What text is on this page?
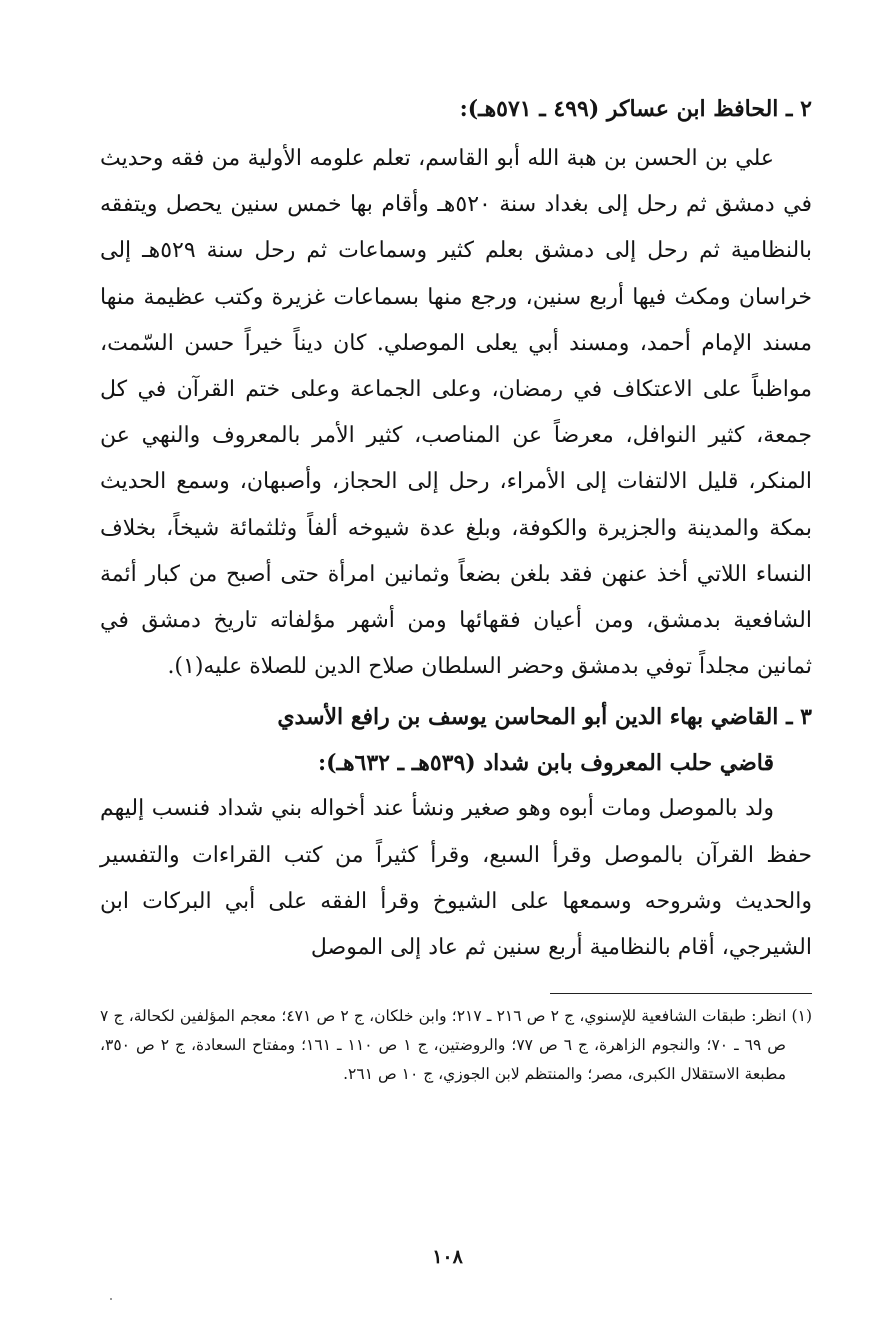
٢ ـ الحافظ ابن عساكر (٤٩٩ ـ ٥٧١هـ):

علي بن الحسن بن هبة الله أبو القاسم، تعلم علومه الأولية من فقه وحديث في دمشق ثم رحل إلى بغداد سنة ٥٢٠هـ وأقام بها خمس سنين يحصل ويتفقه بالنظامية ثم رحل إلى دمشق بعلم كثير وسماعات ثم رحل سنة ٥٢٩هـ إلى خراسان ومكث فيها أربع سنين، ورجع منها بسماعات غزيرة وكتب عظيمة منها مسند الإمام أحمد، ومسند أبي يعلى الموصلي. كان ديناً خيراً حسن السّمت، مواظباً على الاعتكاف في رمضان، وعلى الجماعة وعلى ختم القرآن في كل جمعة، كثير النوافل، معرضاً عن المناصب، كثير الأمر بالمعروف والنهي عن المنكر، قليل الالتفات إلى الأمراء، رحل إلى الحجاز، وأصبهان، وسمع الحديث بمكة والمدينة والجزيرة والكوفة، وبلغ عدة شيوخه ألفاً وثلثمائة شيخاً، بخلاف النساء اللاتي أخذ عنهن فقد بلغن بضعاً وثمانين امرأة حتى أصبح من كبار أئمة الشافعية بدمشق، ومن أعيان فقهائها ومن أشهر مؤلفاته تاريخ دمشق في ثمانين مجلداً توفي بدمشق وحضر السلطان صلاح الدين للصلاة عليه(١).

٣ ـ القاضي بهاء الدين أبو المحاسن يوسف بن رافع الأسدي

قاضي حلب المعروف بابن شداد (٥٣٩هـ ـ ٦٣٢هـ):

ولد بالموصل ومات أبوه وهو صغير ونشأ عند أخواله بني شداد فنسب إليهم حفظ القرآن بالموصل وقرأ السبع، وقرأ كثيراً من كتب القراءات والتفسير والحديث وشروحه وسمعها على الشيوخ وقرأ الفقه على أبي البركات ابن الشيرجي، أقام بالنظامية أربع سنين ثم عاد إلى الموصل

(١) انظر: طبقات الشافعية للإسنوي، ج ٢ ص ٢١٦ ـ ٢١٧؛ وابن خلكان، ج ٢ ص ٤٧١؛ معجم المؤلفين لكحالة، ج ٧ ص ٦٩ ـ ٧٠؛ والنجوم الزاهرة، ج ٦ ص ٧٧؛ والروضتين، ج ١ ص ١١٠ ـ ١٦١؛ ومفتاح السعادة، ج ٢ ص ٣٥٠، مطبعة الاستقلال الكبرى، مصر؛ والمنتظم لابن الجوزي، ج ١٠ ص ٢٦١.

١٠٨
